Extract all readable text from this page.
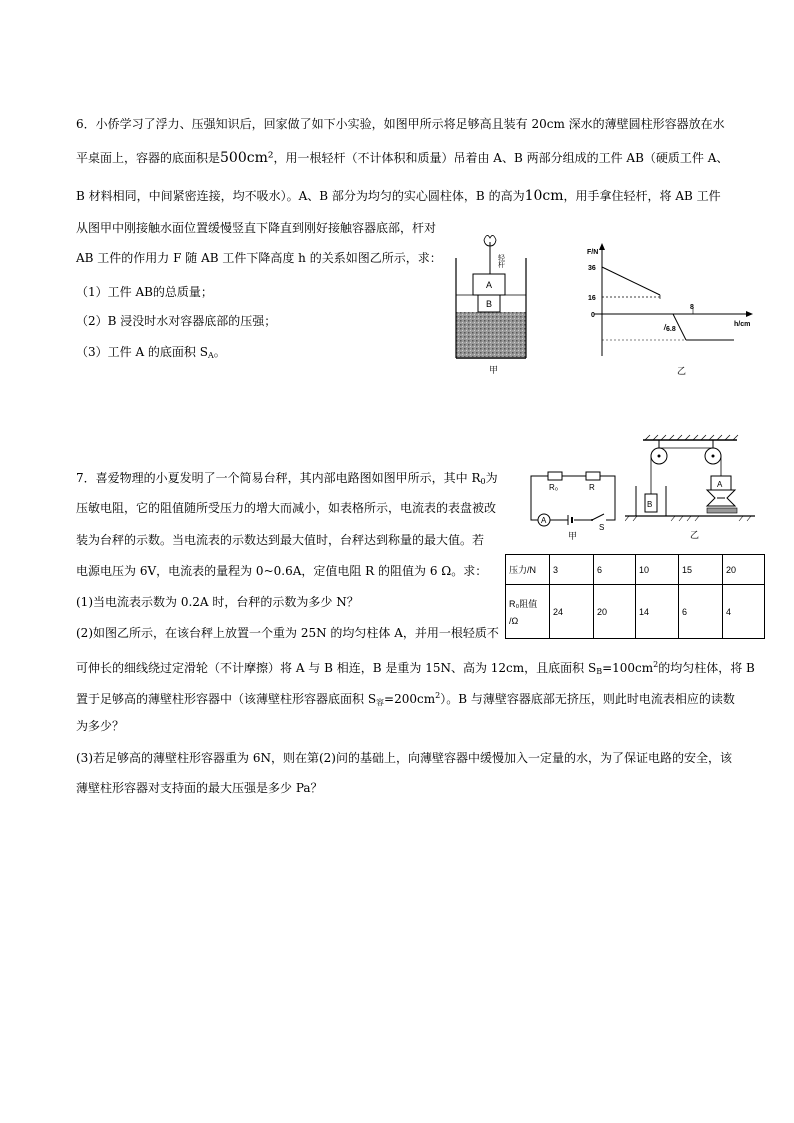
6．小侨学习了浮力、压强知识后，回家做了如下小实验，如图甲所示将足够高且装有 20cm 深水的薄壁圆柱形容器放在水
平桌面上，容器的底面积是500cm²，用一根轻杆（不计体积和质量）吊着由 A、B 两部分组成的工件 AB（硬质工件 A、
B 材料相同，中间紧密连接，均不吸水）。A、B 部分为均匀的实心圆柱体，B 的高为10cm，用手拿住轻杆，将 AB 工件
从图甲中刚接触水面位置缓慢竖直下降直到刚好接触容器底部，杆对
AB 工件的作用力 F 随 AB 工件下降高度 h 的关系如图乙所示，求：
（1）工件 AB的总质量；
（2）B 浸没时水对容器底部的压强；
（3）工件 A 的底面积 $S_A$。
轻杆
A
B
甲
F/N
h/cm
36
16
0
8
6.8
乙
7．喜爱物理的小夏发明了一个简易台秤，其内部电路图如图甲所示，其中 $R_0$为
压敏电阻，它的阻值随所受压力的增大而减小，如表格所示，电流表的表盘被改
装为台秤的示数。当电流表的示数达到最大值时，台秤达到称量的最大值。若
电源电压为 6V，电流表的量程为 0~0.6A，定值电阻 R 的阻值为 6 Ω。求：
(1)当电流表示数为 0.2A 时，台秤的示数为多少 N？
(2)如图乙所示，在该台秤上放置一个重为 25N 的均匀柱体 A，并用一根轻质不
可伸长的细线绕过定滑轮（不计摩擦）将 A 与 B 相连，B 是重为 15N、高为 12cm，且底面积 $S_B=100cm^2$的均匀柱体，将 B
置于足够高的薄壁柱形容器中（该薄壁柱形容器底面积 $S_容=200cm^2$）。B 与薄壁容器底部无挤压，则此时电流表相应的读数
为多少？
(3)若足够高的薄壁柱形容器重为 6N，则在第(2)问的基础上，向薄壁容器中缓慢加入一定量的水，为了保证电路的安全，该
薄壁柱形容器对支持面的最大压强是多少 Pa？
R₀	R
A
S
甲
B
A
乙
压力/N	3	6	10	15	20

R₀阻值
/Ω	24	20	14	6	4
